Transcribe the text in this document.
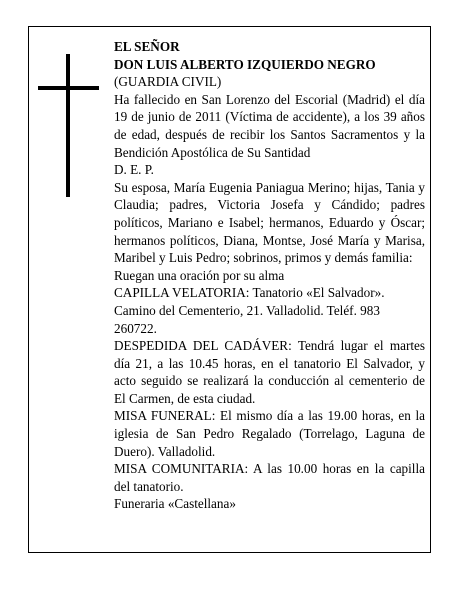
EL SEÑOR
DON LUIS ALBERTO IZQUIERDO NEGRO
(GUARDIA CIVIL)
Ha fallecido en San Lorenzo del Escorial (Madrid) el día 19 de junio de 2011 (Víctima de accidente), a los 39 años de edad, después de recibir los Santos Sacramentos y la Bendición Apostólica de Su Santidad
D. E. P.
Su esposa, María Eugenia Paniagua Merino; hijas, Tania y Claudia; padres, Victoria Josefa y Cándido; padres políticos, Mariano e Isabel; hermanos, Eduardo y Óscar; hermanos políticos, Diana, Montse, José María y Marisa, Maribel y Luis Pedro; sobrinos, primos y demás familia:
Ruegan una oración por su alma
CAPILLA VELATORIA: Tanatorio «El Salvador». Camino del Cementerio, 21. Valladolid. Teléf. 983 260722.
DESPEDIDA DEL CADÁVER: Tendrá lugar el martes día 21, a las 10.45 horas, en el tanatorio El Salvador, y acto seguido se realizará la conducción al cementerio de El Carmen, de esta ciudad.
MISA FUNERAL: El mismo día a las 19.00 horas, en la iglesia de San Pedro Regalado (Torrelago, Laguna de Duero). Valladolid.
MISA COMUNITARIA: A las 10.00 horas en la capilla del tanatorio.
Funeraria «Castellana»
